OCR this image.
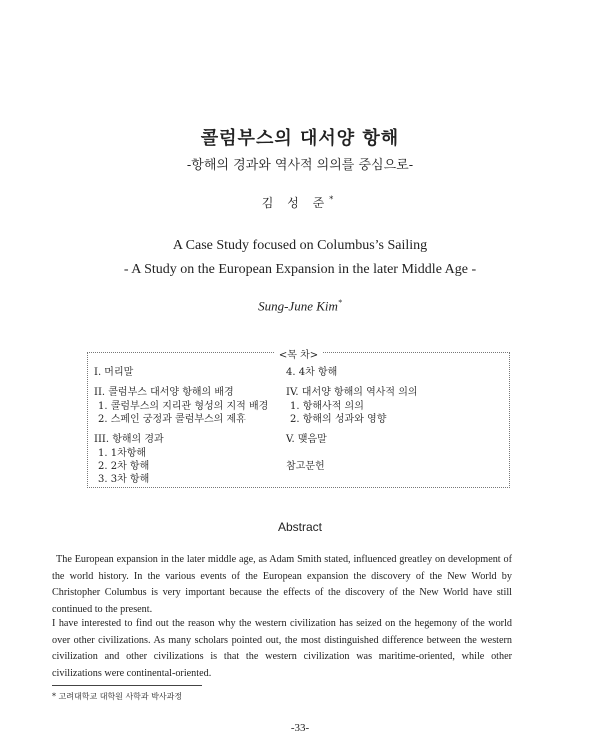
콜럼부스의 대서양 항해
-항해의 경과와 역사적 의의를 중심으로-
김 성 준*
A Case Study focused on Columbus’s Sailing
- A Study on the European Expansion in the later Middle Age -
Sung-June Kim*
<목 차>
I. 머리말
II. 콜럼부스 대서양 항해의 배경
1. 콜럼부스의 지리관 형성의 지적 배경
2. 스페인 궁정과 콜럼부스의 제휴
III. 항해의 경과
1. 1차항해
2. 2차 항해
3. 3차 항해
4. 4차 항해
IV. 대서양 항해의 역사적 의의
1. 항해사적 의의
2. 항해의 성과와 영향
V. 맺음말
참고문헌
Abstract
The European expansion in the later middle age, as Adam Smith stated, influenced greatley on development of the world history. In the various events of the European expansion the discovery of the New World by Christopher Columbus is very important because the effects of the discovery of the New World have still continued to the present.
I have interested to find out the reason why the western civilization has seized on the hegemony of the world over other civilizations. As many scholars pointed out, the most distinguished difference between the western civilization and other civilizations is that the western civilization was maritime-oriented, while other civilizations were continental-oriented.
* 고려대학교 대학원 사학과 박사과정
-33-
